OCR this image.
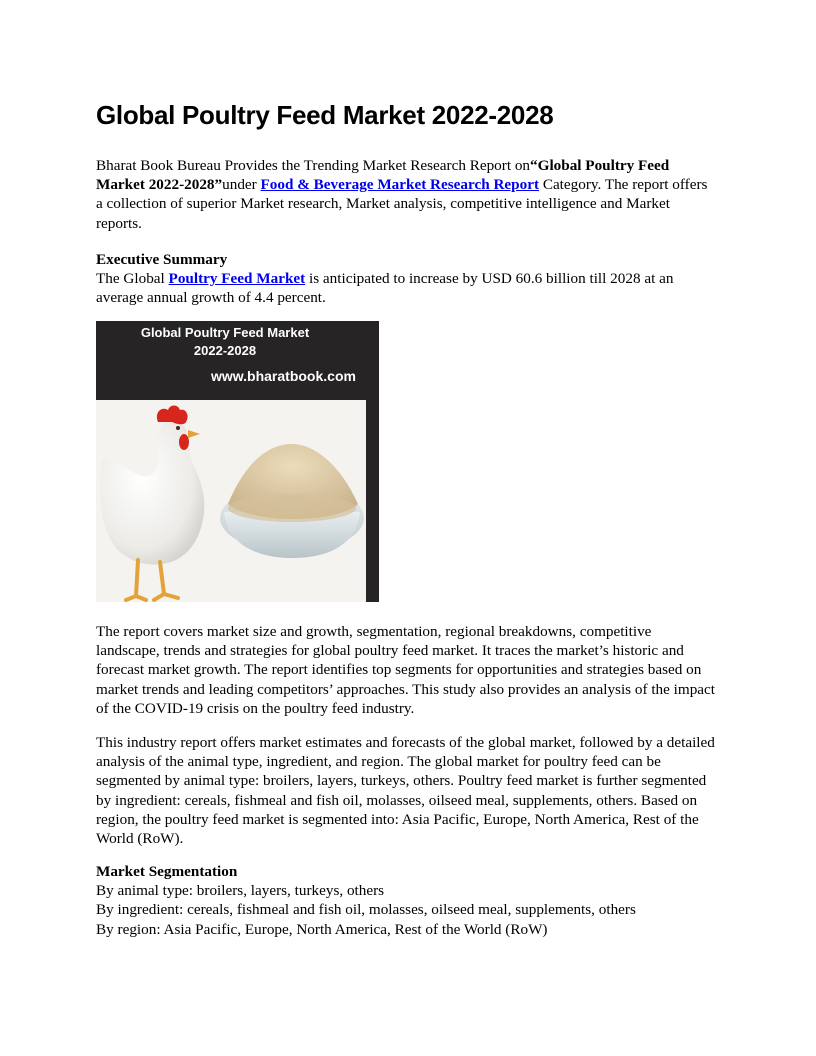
Global Poultry Feed Market 2022-2028

Bharat Book Bureau Provides the Trending Market Research Report on“Global Poultry Feed Market 2022-2028”under Food & Beverage Market Research Report Category. The report offers a collection of superior Market research, Market analysis, competitive intelligence and Market reports.

Executive Summary
The Global Poultry Feed Market is anticipated to increase by USD 60.6 billion till 2028 at an average annual growth of 4.4 percent.

The report covers market size and growth, segmentation, regional breakdowns, competitive landscape, trends and strategies for global poultry feed market. It traces the market’s historic and forecast market growth. The report identifies top segments for opportunities and strategies based on market trends and leading competitors’ approaches. This study also provides an analysis of the impact of the COVID-19 crisis on the poultry feed industry.

This industry report offers market estimates and forecasts of the global market, followed by a detailed analysis of the animal type, ingredient, and region. The global market for poultry feed can be segmented by animal type: broilers, layers, turkeys, others. Poultry feed market is further segmented by ingredient: cereals, fishmeal and fish oil, molasses, oilseed meal, supplements, others. Based on region, the poultry feed market is segmented into: Asia Pacific, Europe, North America, Rest of the World (RoW).

Market Segmentation
By animal type: broilers, layers, turkeys, others
By ingredient: cereals, fishmeal and fish oil, molasses, oilseed meal, supplements, others
By region: Asia Pacific, Europe, North America, Rest of the World (RoW)
Global Poultry Feed Market
2022-2028
www.bharatbook.com
